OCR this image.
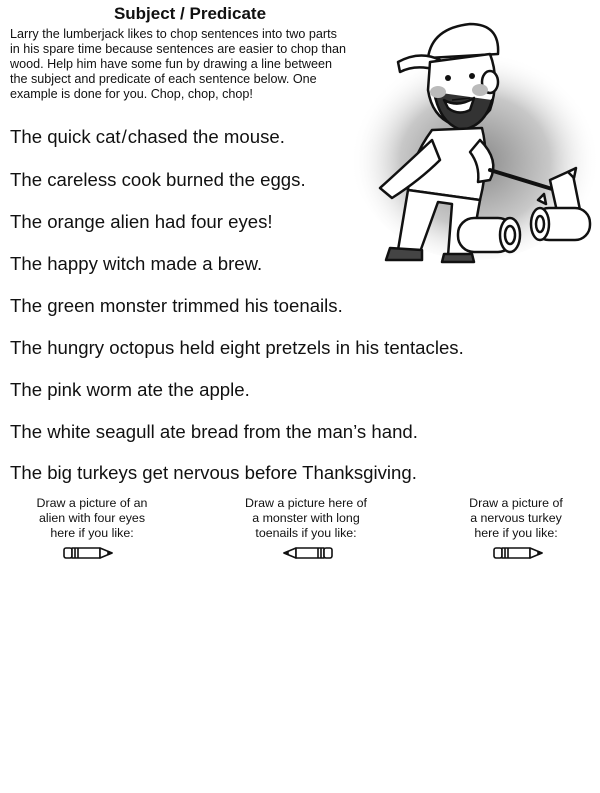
Subject / Predicate
Larry the lumberjack likes to chop sentences into two parts
in his spare time because sentences are easier to chop than
wood. Help him have some fun by drawing a line between
the subject and predicate of each sentence below. One
example is done for you. Chop, chop, chop!
The quick cat/chased the mouse.
The careless cook burned the eggs.
The orange alien had four eyes!
The happy witch made a brew.
The green monster trimmed his toenails.
The hungry octopus held eight pretzels in his tentacles.
The pink worm ate the apple.
The white seagull ate bread from the man’s hand.
The big turkeys get nervous before Thanksgiving.
Draw a picture of an
alien with four eyes
here if you like:
Draw a picture here of
a monster with long
toenails if you like:
Draw a picture of
a nervous turkey
here if you like:
